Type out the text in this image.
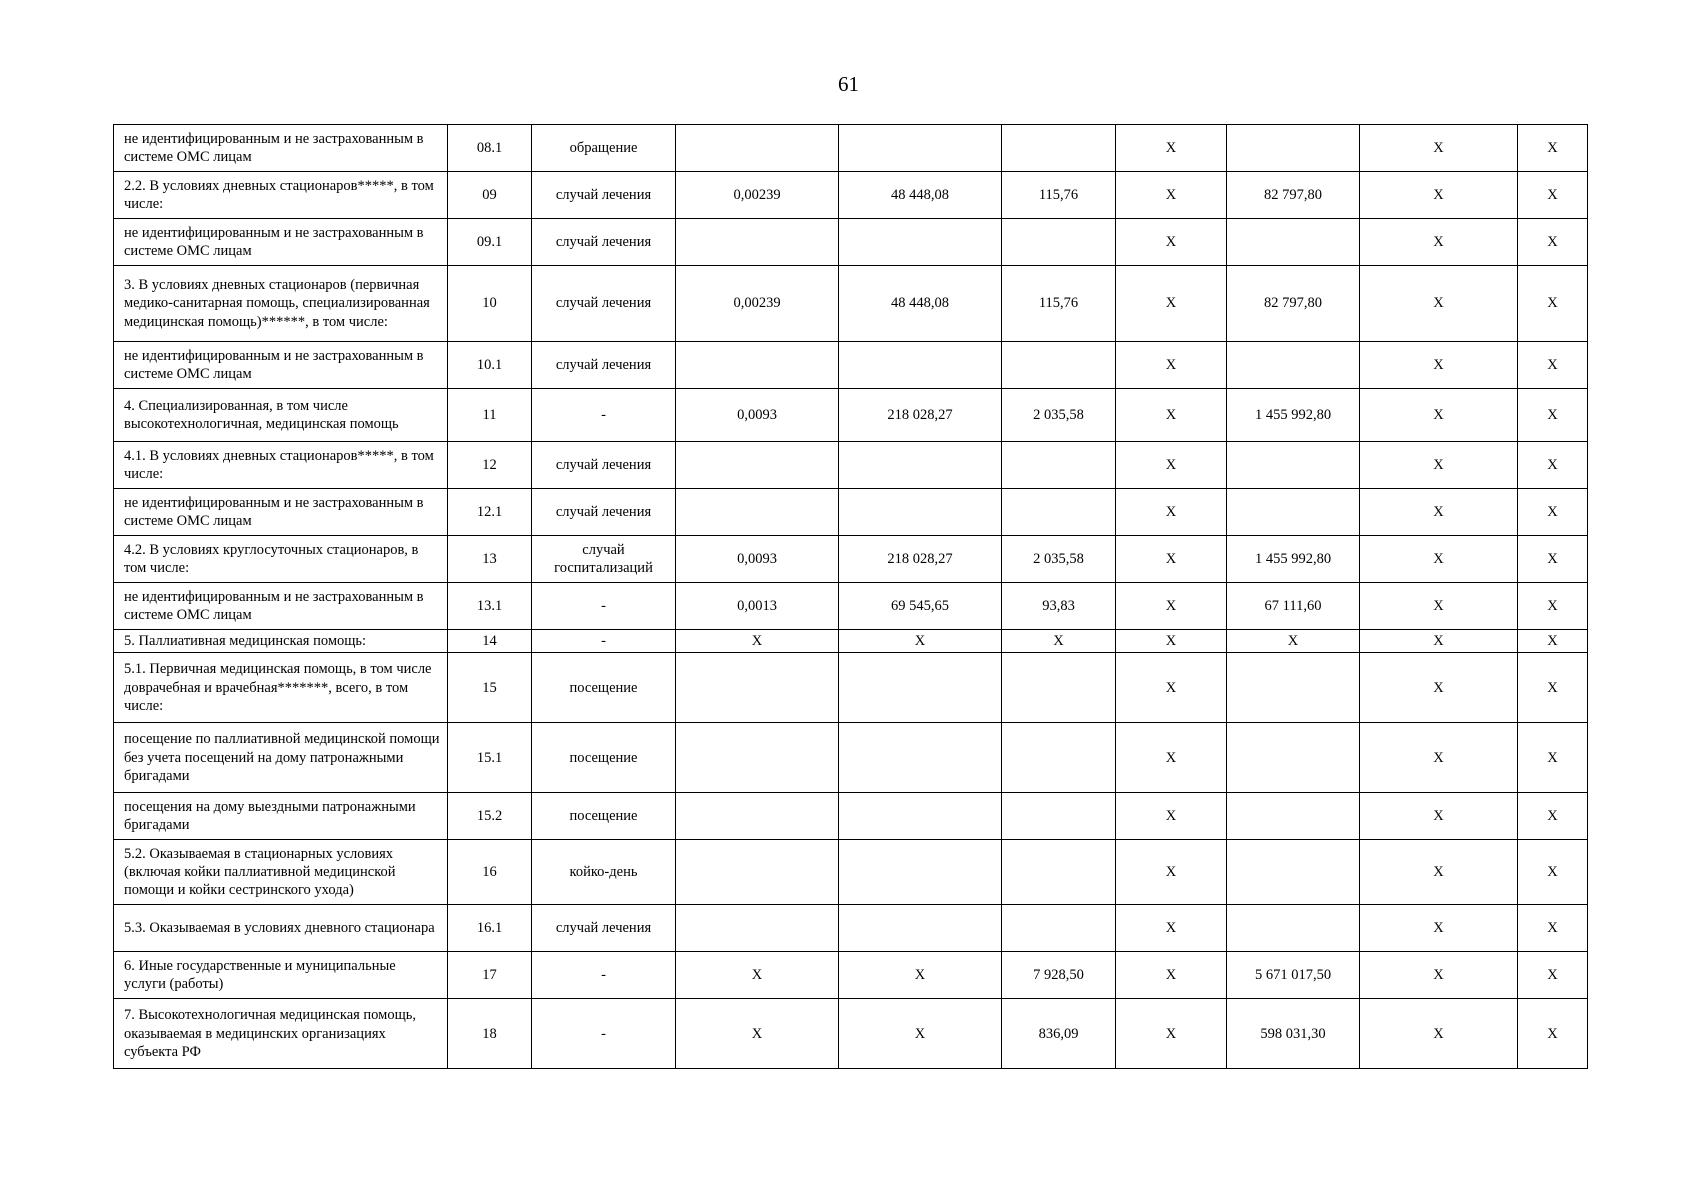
61
не идентифицированным и не застрахованным в системе ОМС лицам	08.1	обращение				X		X	X
2.2. В условиях дневных стационаров*****, в том числе:	09	случай лечения	0,00239	48 448,08	115,76	X	82 797,80	X	X
не идентифицированным и не застрахованным в системе ОМС лицам	09.1	случай лечения				X		X	X
3. В условиях дневных стационаров (первичная медико-санитарная помощь, специализированная медицинская помощь)******, в том числе:	10	случай лечения	0,00239	48 448,08	115,76	X	82 797,80	X	X
не идентифицированным и не застрахованным в системе ОМС лицам	10.1	случай лечения				X		X	X
4. Специализированная, в том числе высокотехнологичная, медицинская помощь	11	-	0,0093	218 028,27	2 035,58	X	1 455 992,80	X	X
4.1. В условиях дневных стационаров*****, в том числе:	12	случай лечения				X		X	X
не идентифицированным и не застрахованным в системе ОМС лицам	12.1	случай лечения				X		X	X
4.2. В условиях круглосуточных стационаров, в том числе:	13	случай госпитализаций	0,0093	218 028,27	2 035,58	X	1 455 992,80	X	X
не идентифицированным и не застрахованным в системе ОМС лицам	13.1	-	0,0013	69 545,65	93,83	X	67 111,60	X	X
5. Паллиативная медицинская помощь:	14	-	X	X	X	X	X	X	X
5.1. Первичная медицинская помощь, в том числе доврачебная и врачебная*******, всего, в том числе:	15	посещение				X		X	X
посещение по паллиативной медицинской помощи без учета посещений на дому патронажными бригадами	15.1	посещение				X		X	X
посещения на дому выездными патронажными бригадами	15.2	посещение				X		X	X
5.2. Оказываемая в стационарных условиях (включая койки паллиативной медицинской помощи и койки сестринского ухода)	16	койко-день				X		X	X
5.3. Оказываемая в условиях дневного стационара	16.1	случай лечения				X		X	X
6. Иные государственные и муниципальные услуги (работы)	17	-	X	X	7 928,50	X	5 671 017,50	X	X
7. Высокотехнологичная медицинская помощь, оказываемая в медицинских организациях субъекта РФ	18	-	X	X	836,09	X	598 031,30	X	X
